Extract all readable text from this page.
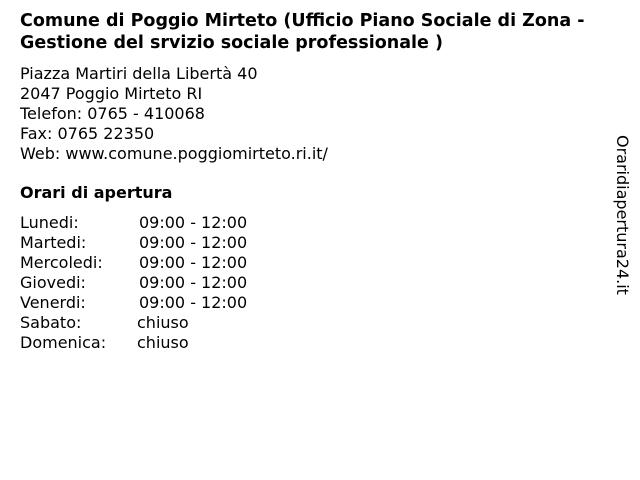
Comune di Poggio Mirteto (Ufficio Piano Sociale di Zona - Gestione del srvizio sociale professionale )
Piazza Martiri della Libertà 40
2047 Poggio Mirteto RI
Telefon: 0765 - 410068
Fax: 0765 22350
Web: www.comune.poggiomirteto.ri.it/
Orari di apertura
Lunedi:	09:00 - 12:00
Martedi:	09:00 - 12:00
Mercoledi: 09:00 - 12:00
Giovedi:	09:00 - 12:00
Venerdi:	09:00 - 12:00
Sabato:	chiuso
Domenica: chiuso
Oraridiapertura24.it
